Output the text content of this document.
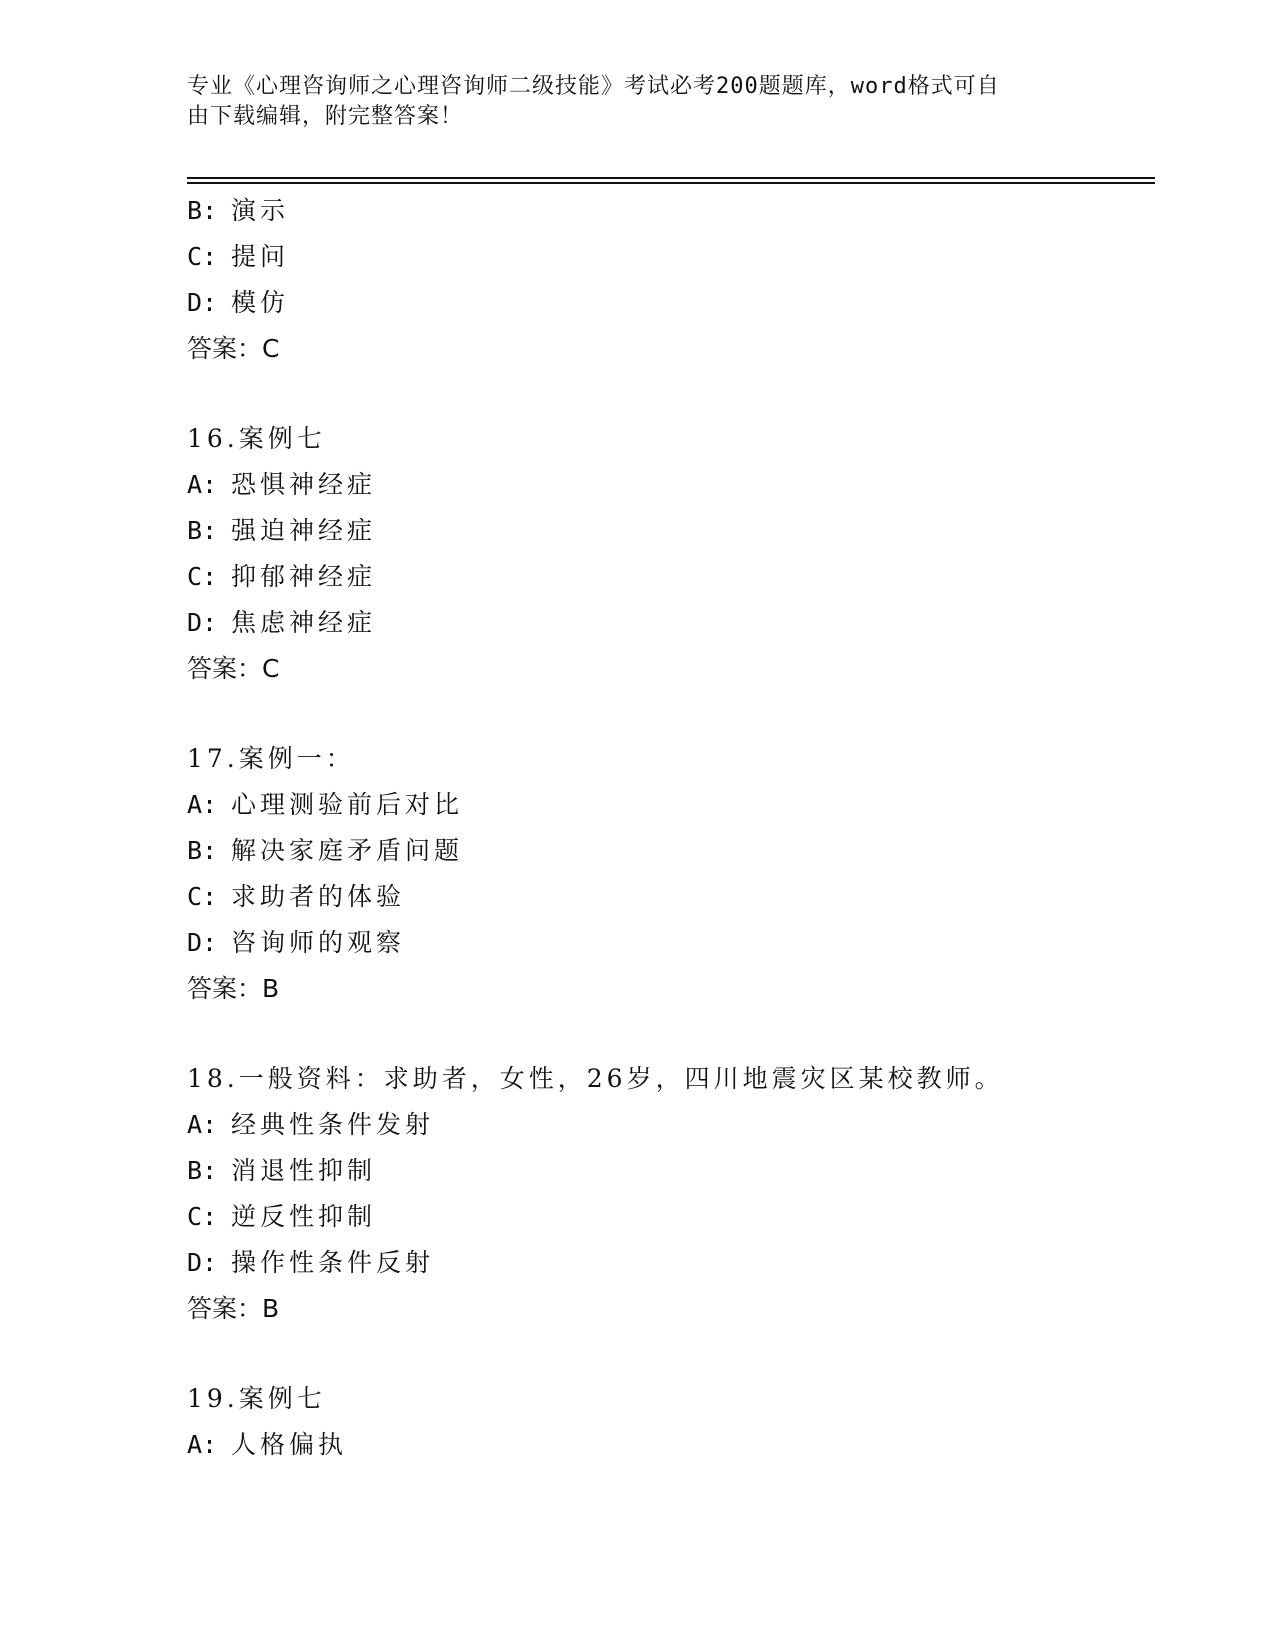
专业《心理咨询师之心理咨询师二级技能》考试必考200题题库，word格式可自
由下载编辑，附完整答案！
B: 演示
C: 提问
D: 模仿
答案：C
16.案例七
A: 恐惧神经症
B: 强迫神经症
C: 抑郁神经症
D: 焦虑神经症
答案：C
17.案例一：
A: 心理测验前后对比
B: 解决家庭矛盾问题
C: 求助者的体验
D: 咨询师的观察
答案：B
18.一般资料：求助者，女性，26岁，四川地震灾区某校教师。
A: 经典性条件发射
B: 消退性抑制
C: 逆反性抑制
D: 操作性条件反射
答案：B
19.案例七
A: 人格偏执
